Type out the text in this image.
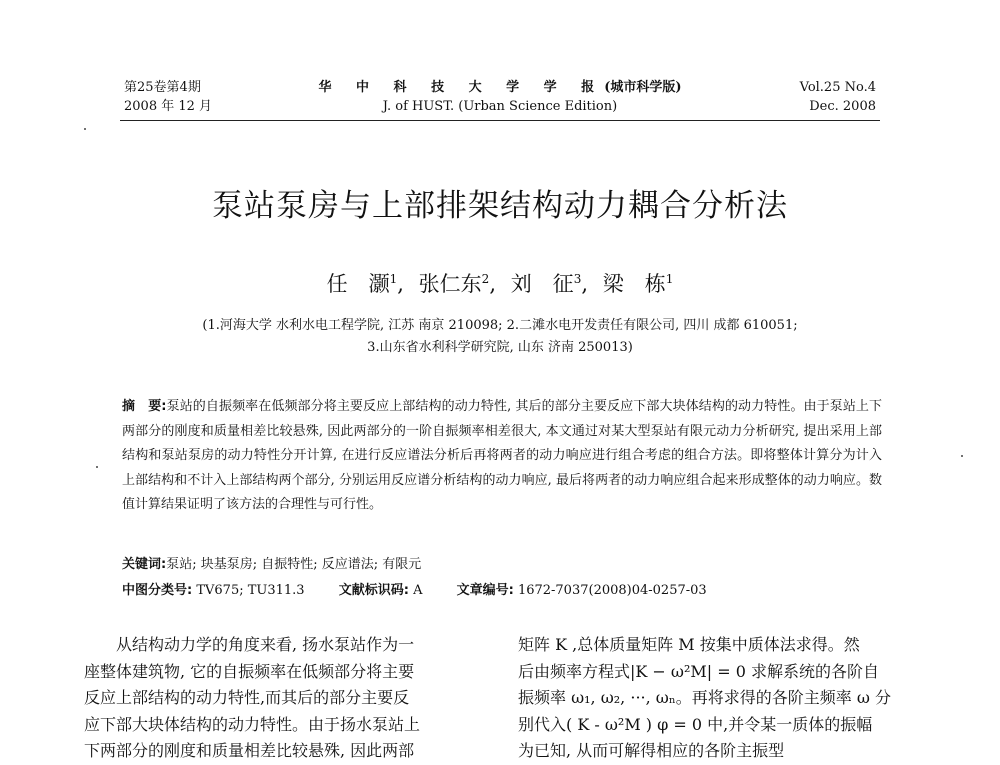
第25卷第4期
2008 年 12 月
华 中 科 技 大 学 学 报(城市科学版)
J. of HUST. (Urban Science Edition)
Vol.25 No.4
Dec. 2008
泵站泵房与上部排架结构动力耦合分析法
任　灏$^1$, 张仁东$^2$, 刘　征$^3$, 梁　栋$^1$
(1.河海大学 水利水电工程学院, 江苏 南京 210098; 2.二滩水电开发责任有限公司, 四川 成都 610051;
3.山东省水利科学研究院, 山东 济南 250013)
摘　要:泵站的自振频率在低频部分将主要反应上部结构的动力特性, 其后的部分主要反应下部大块体结构的动力特性。由于泵站上下两部分的刚度和质量相差比较悬殊, 因此两部分的一阶自振频率相差很大, 本文通过对某大型泵站有限元动力分析研究, 提出采用上部结构和泵站泵房的动力特性分开计算, 在进行反应谱法分析后再将两者的动力响应进行组合考虑的组合方法。即将整体计算分为计入上部结构和不计入上部结构两个部分, 分别运用反应谱分析结构的动力响应, 最后将两者的动力响应组合起来形成整体的动力响应。数值计算结果证明了该方法的合理性与可行性。
关键词:泵站; 块基泵房; 自振特性; 反应谱法; 有限元
中图分类号: TV675; TU311.3	文献标识码: A	文章编号: 1672-7037(2008)04-0257-03

从结构动力学的角度来看, 扬水泵站作为一

座整体建筑物, 它的自振频率在低频部分将主要

反应上部结构的动力特性,而其后的部分主要反

应下部大块体结构的动力特性。由于扬水泵站上

下两部分的刚度和质量相差比较悬殊, 因此两部

矩阵 K ,总体质量矩阵 M 按集中质体法求得。然

后由频率方程式|K − ω²M| = 0 求解系统的各阶自

振频率 ω₁, ω₂, ···, ωₙ。再将求得的各阶主频率 ω 分

别代入( K - ω²M ) φ = 0 中,并令某一质体的振幅

为已知, 从而可解得相应的各阶主振型
